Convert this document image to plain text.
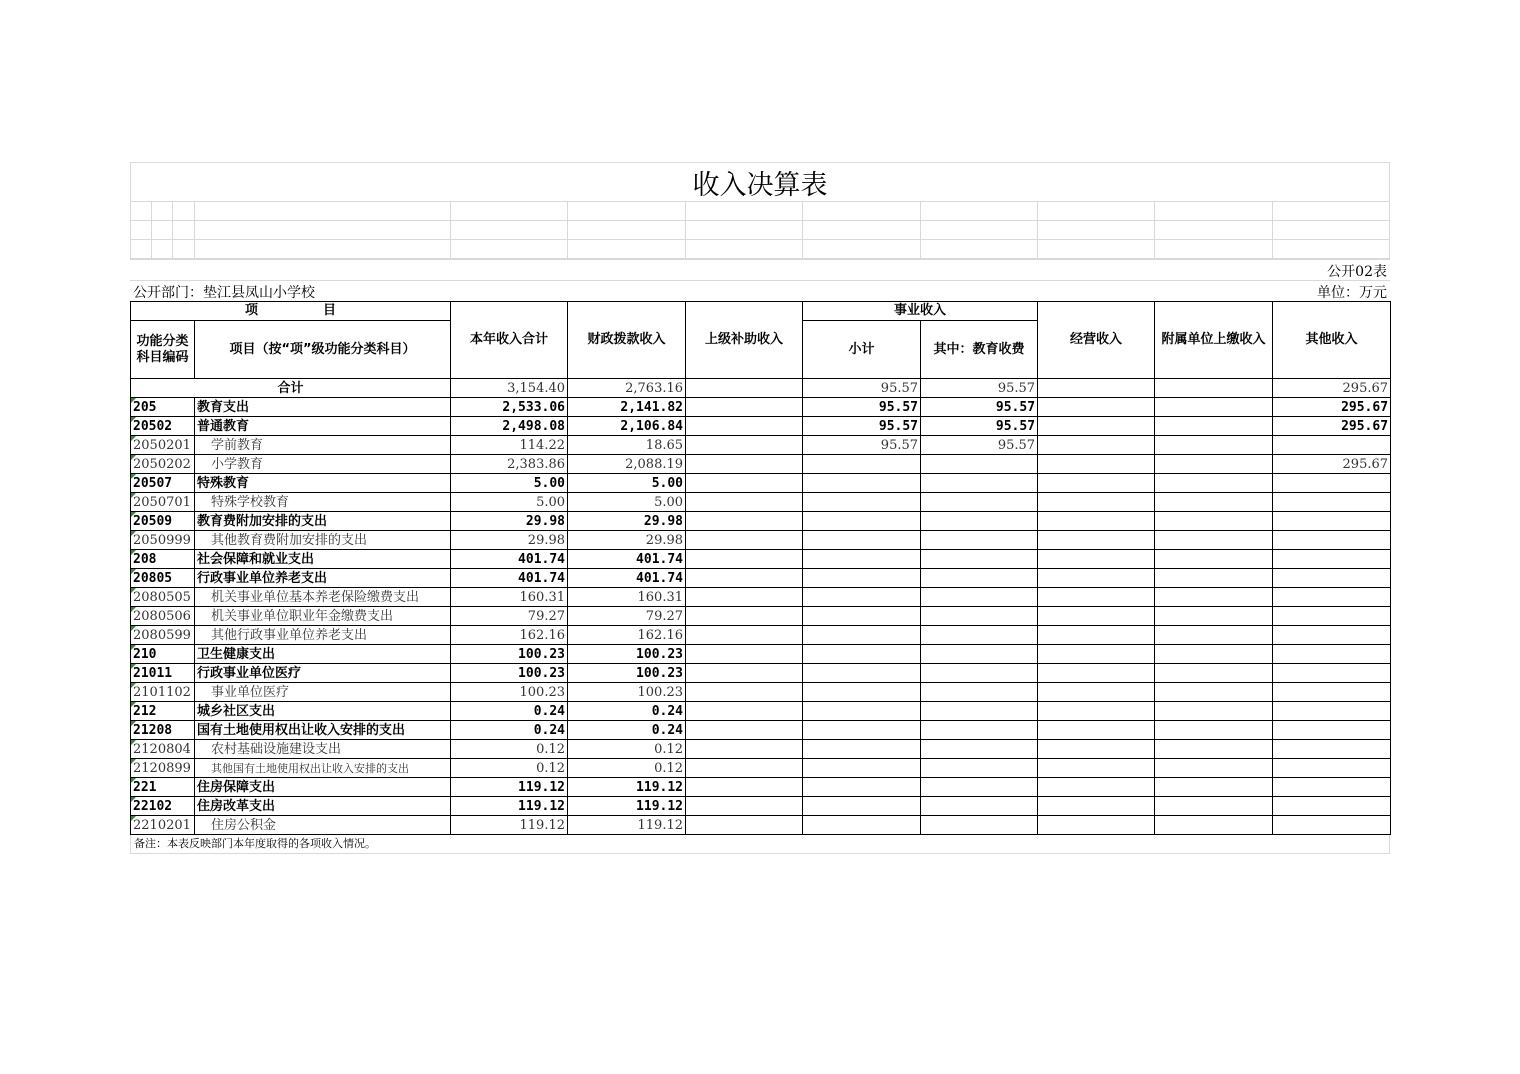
收入决算表
公开02表
公开部门：垫江县凤山小学校	单位：万元
项　　　　　目		本年收入合计	财政拨款收入	上级补助收入	事业收入		经营收入	附属单位上缴收入	其他收入
功能分类科目编码	项目（按“项”级功能分类科目）				小计	其中：教育收费			
合计		3,154.40	2,763.16		95.57	95.57			295.67
205	教育支出	2,533.06	2,141.82		95.57	95.57			295.67
20502	普通教育	2,498.08	2,106.84		95.57	95.57			295.67
2050201	学前教育	114.22	18.65		95.57	95.57			
2050202	小学教育	2,383.86	2,088.19						295.67
20507	特殊教育	5.00	5.00						
2050701	特殊学校教育	5.00	5.00						
20509	教育费附加安排的支出	29.98	29.98						
2050999	其他教育费附加安排的支出	29.98	29.98						
208	社会保障和就业支出	401.74	401.74						
20805	行政事业单位养老支出	401.74	401.74						
2080505	机关事业单位基本养老保险缴费支出	160.31	160.31						
2080506	机关事业单位职业年金缴费支出	79.27	79.27						
2080599	其他行政事业单位养老支出	162.16	162.16						
210	卫生健康支出	100.23	100.23						
21011	行政事业单位医疗	100.23	100.23						
2101102	事业单位医疗	100.23	100.23						
212	城乡社区支出	0.24	0.24						
21208	国有土地使用权出让收入安排的支出	0.24	0.24						
2120804	农村基础设施建设支出	0.12	0.12						
2120899	其他国有土地使用权出让收入安排的支出	0.12	0.12						
221	住房保障支出	119.12	119.12						
22102	住房改革支出	119.12	119.12						
2210201	住房公积金	119.12	119.12						
备注：本表反映部门本年度取得的各项收入情况。
